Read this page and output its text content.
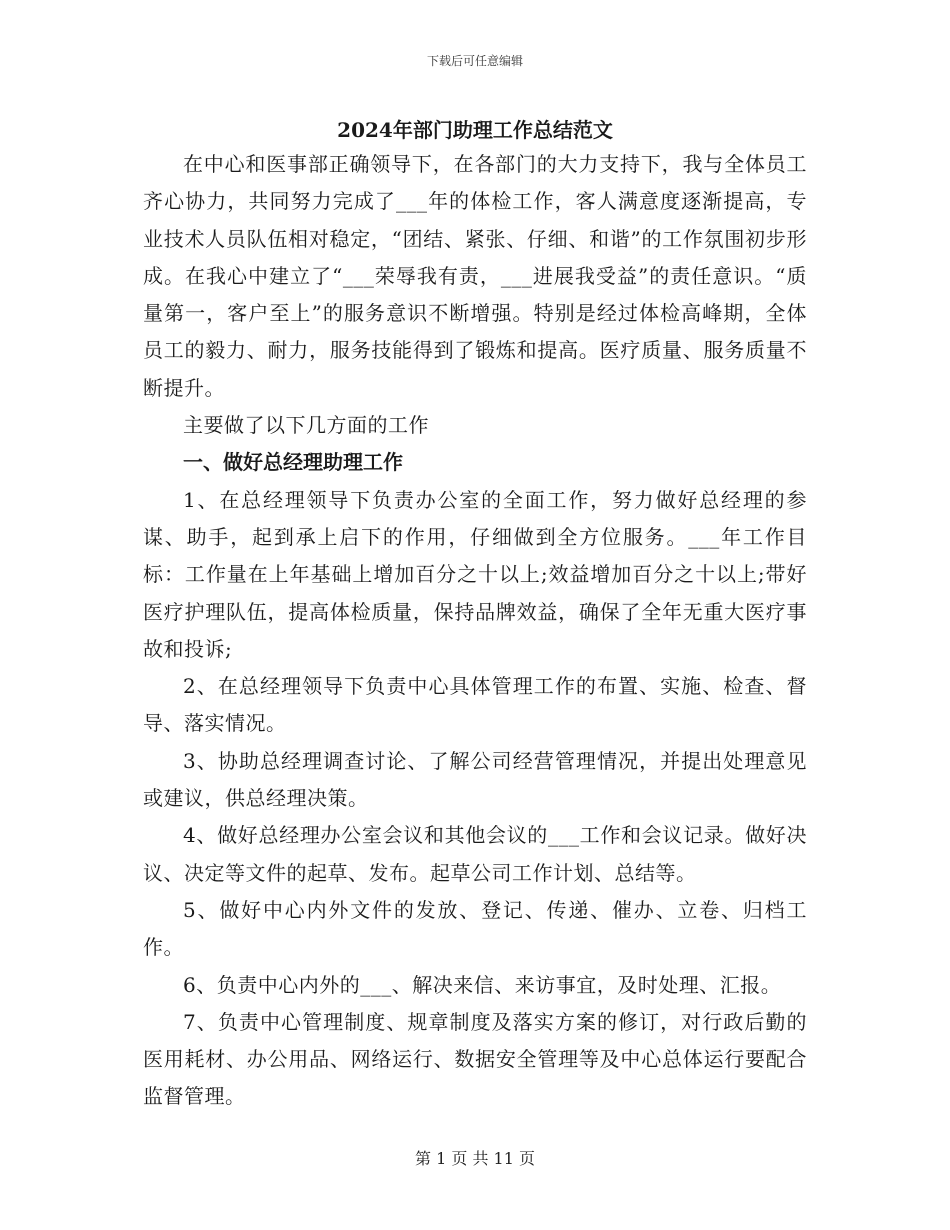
下载后可任意编辑
2024年部门助理工作总结范文

在中心和医事部正确领导下，在各部门的大力支持下，我与全体员工齐心协力，共同努力完成了___年的体检工作，客人满意度逐渐提高，专业技术人员队伍相对稳定，“团结、紧张、仔细、和谐”的工作氛围初步形成。在我心中建立了“___荣辱我有责，___进展我受益”的责任意识。“质量第一，客户至上”的服务意识不断增强。特别是经过体检高峰期，全体员工的毅力、耐力，服务技能得到了锻炼和提高。医疗质量、服务质量不断提升。

主要做了以下几方面的工作

一、做好总经理助理工作

1、在总经理领导下负责办公室的全面工作，努力做好总经理的参谋、助手，起到承上启下的作用，仔细做到全方位服务。___年工作目标：工作量在上年基础上增加百分之十以上;效益增加百分之十以上;带好医疗护理队伍，提高体检质量，保持品牌效益，确保了全年无重大医疗事故和投诉;

2、在总经理领导下负责中心具体管理工作的布置、实施、检查、督导、落实情况。

3、协助总经理调查讨论、了解公司经营管理情况，并提出处理意见或建议，供总经理决策。

4、做好总经理办公室会议和其他会议的___工作和会议记录。做好决议、决定等文件的起草、发布。起草公司工作计划、总结等。

5、做好中心内外文件的发放、登记、传递、催办、立卷、归档工作。

6、负责中心内外的___、解决来信、来访事宜，及时处理、汇报。

7、负责中心管理制度、规章制度及落实方案的修订，对行政后勤的医用耗材、办公用品、网络运行、数据安全管理等及中心总体运行要配合监督管理。

第 1 页 共 11 页
